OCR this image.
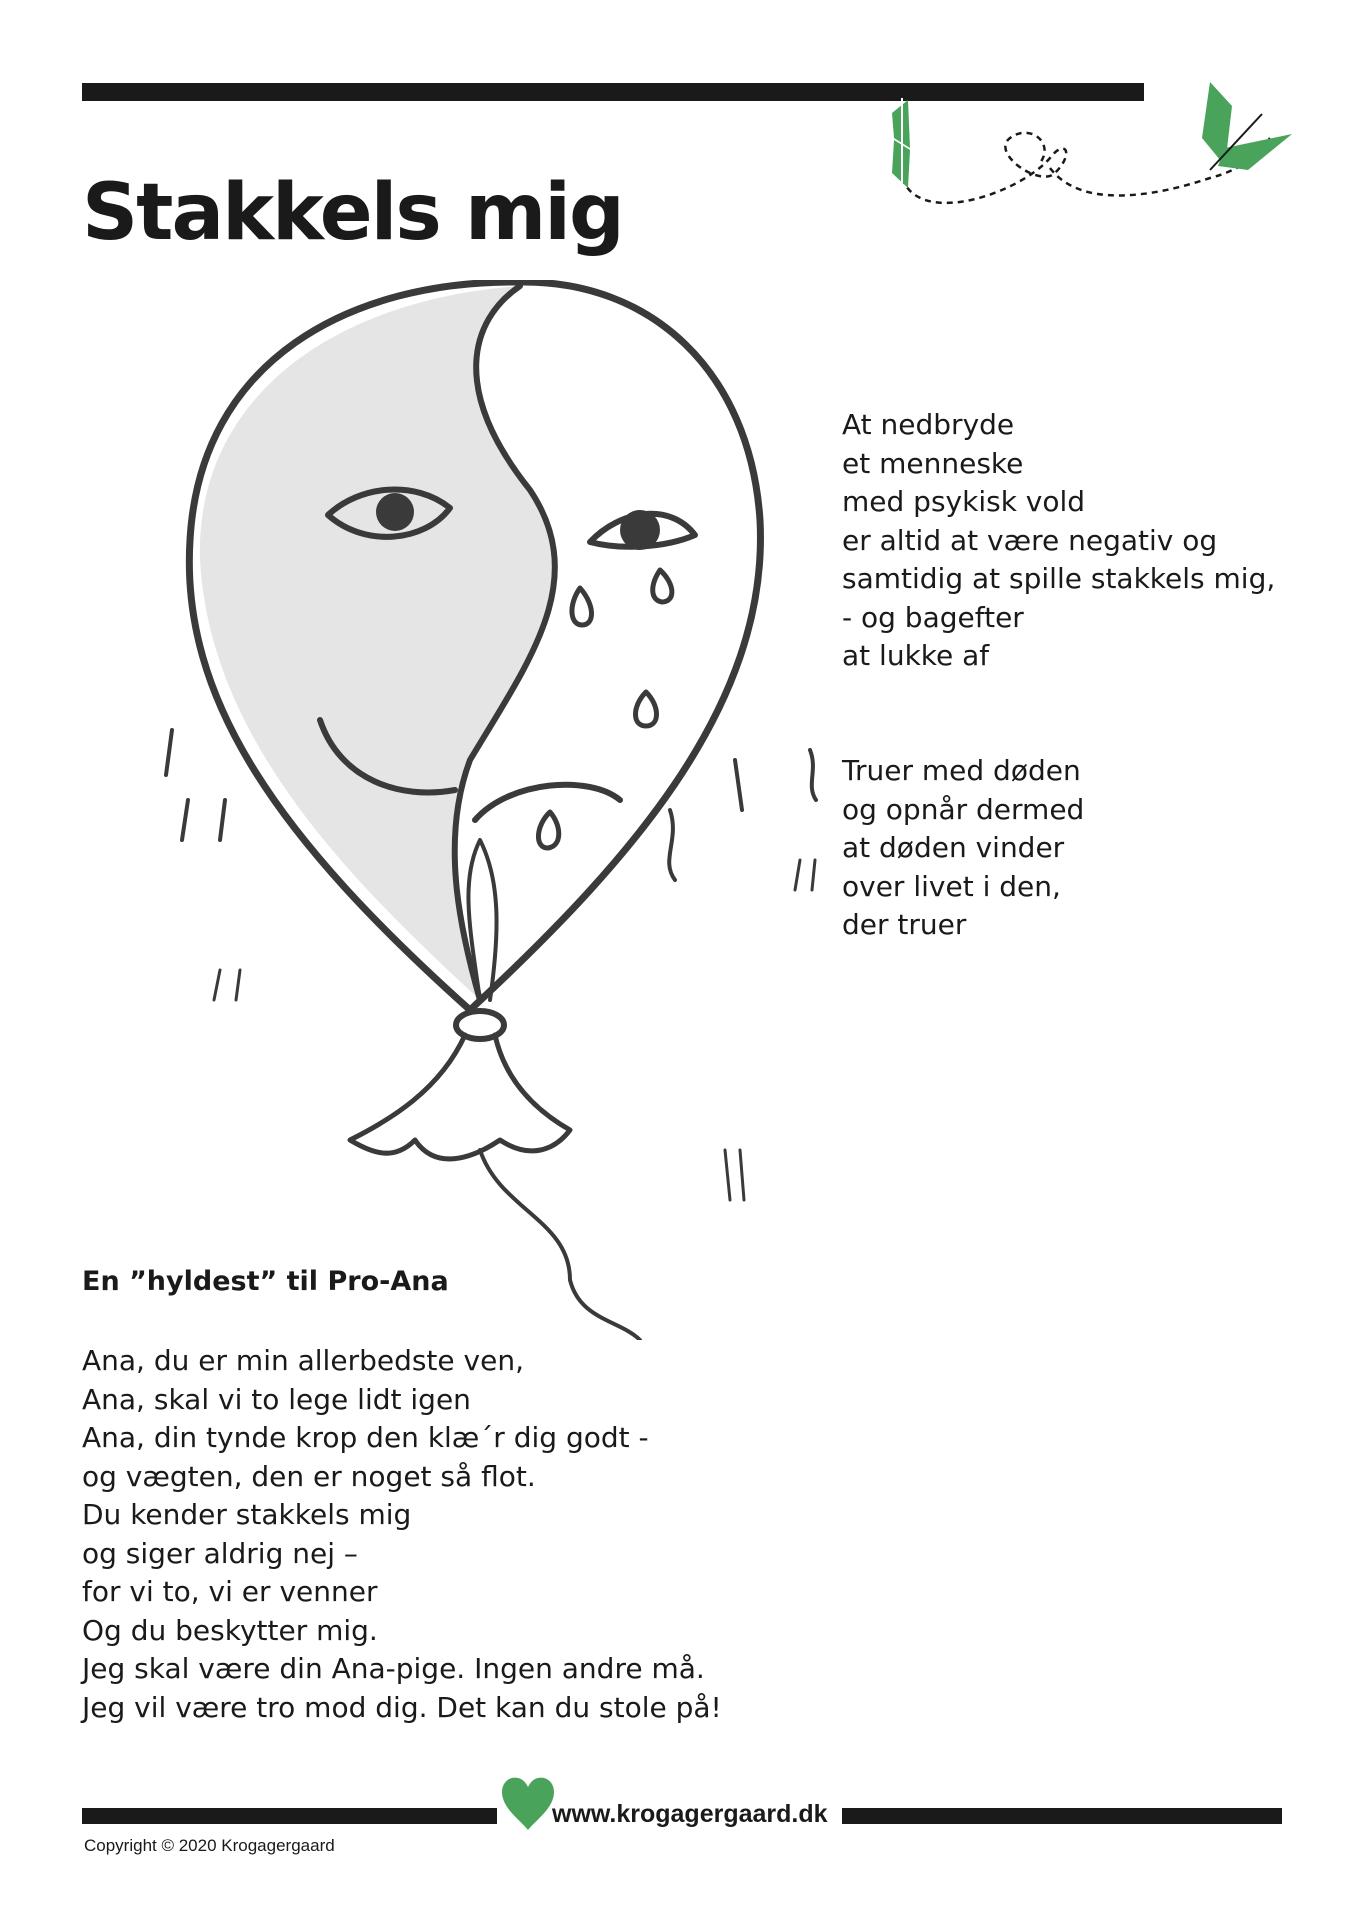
Stakkels mig
At nedbryde
et menneske
med psykisk vold
er altid at være negativ og
samtidig at spille stakkels mig,
- og bagefter
at lukke af
Truer med døden
og opnår dermed
at døden vinder
over livet i den,
der truer
En ”hyldest” til Pro-Ana
Ana, du er min allerbedste ven,
Ana, skal vi to lege lidt igen
Ana, din tynde krop den klæ´r dig godt -
og vægten, den er noget så flot.
Du kender stakkels mig
og siger aldrig nej –
for vi to, vi er venner
Og du beskytter mig.
Jeg skal være din Ana-pige. Ingen andre må.
Jeg vil være tro mod dig. Det kan du stole på!
www.krogagergaard.dk
Copyright © 2020 Krogagergaard
